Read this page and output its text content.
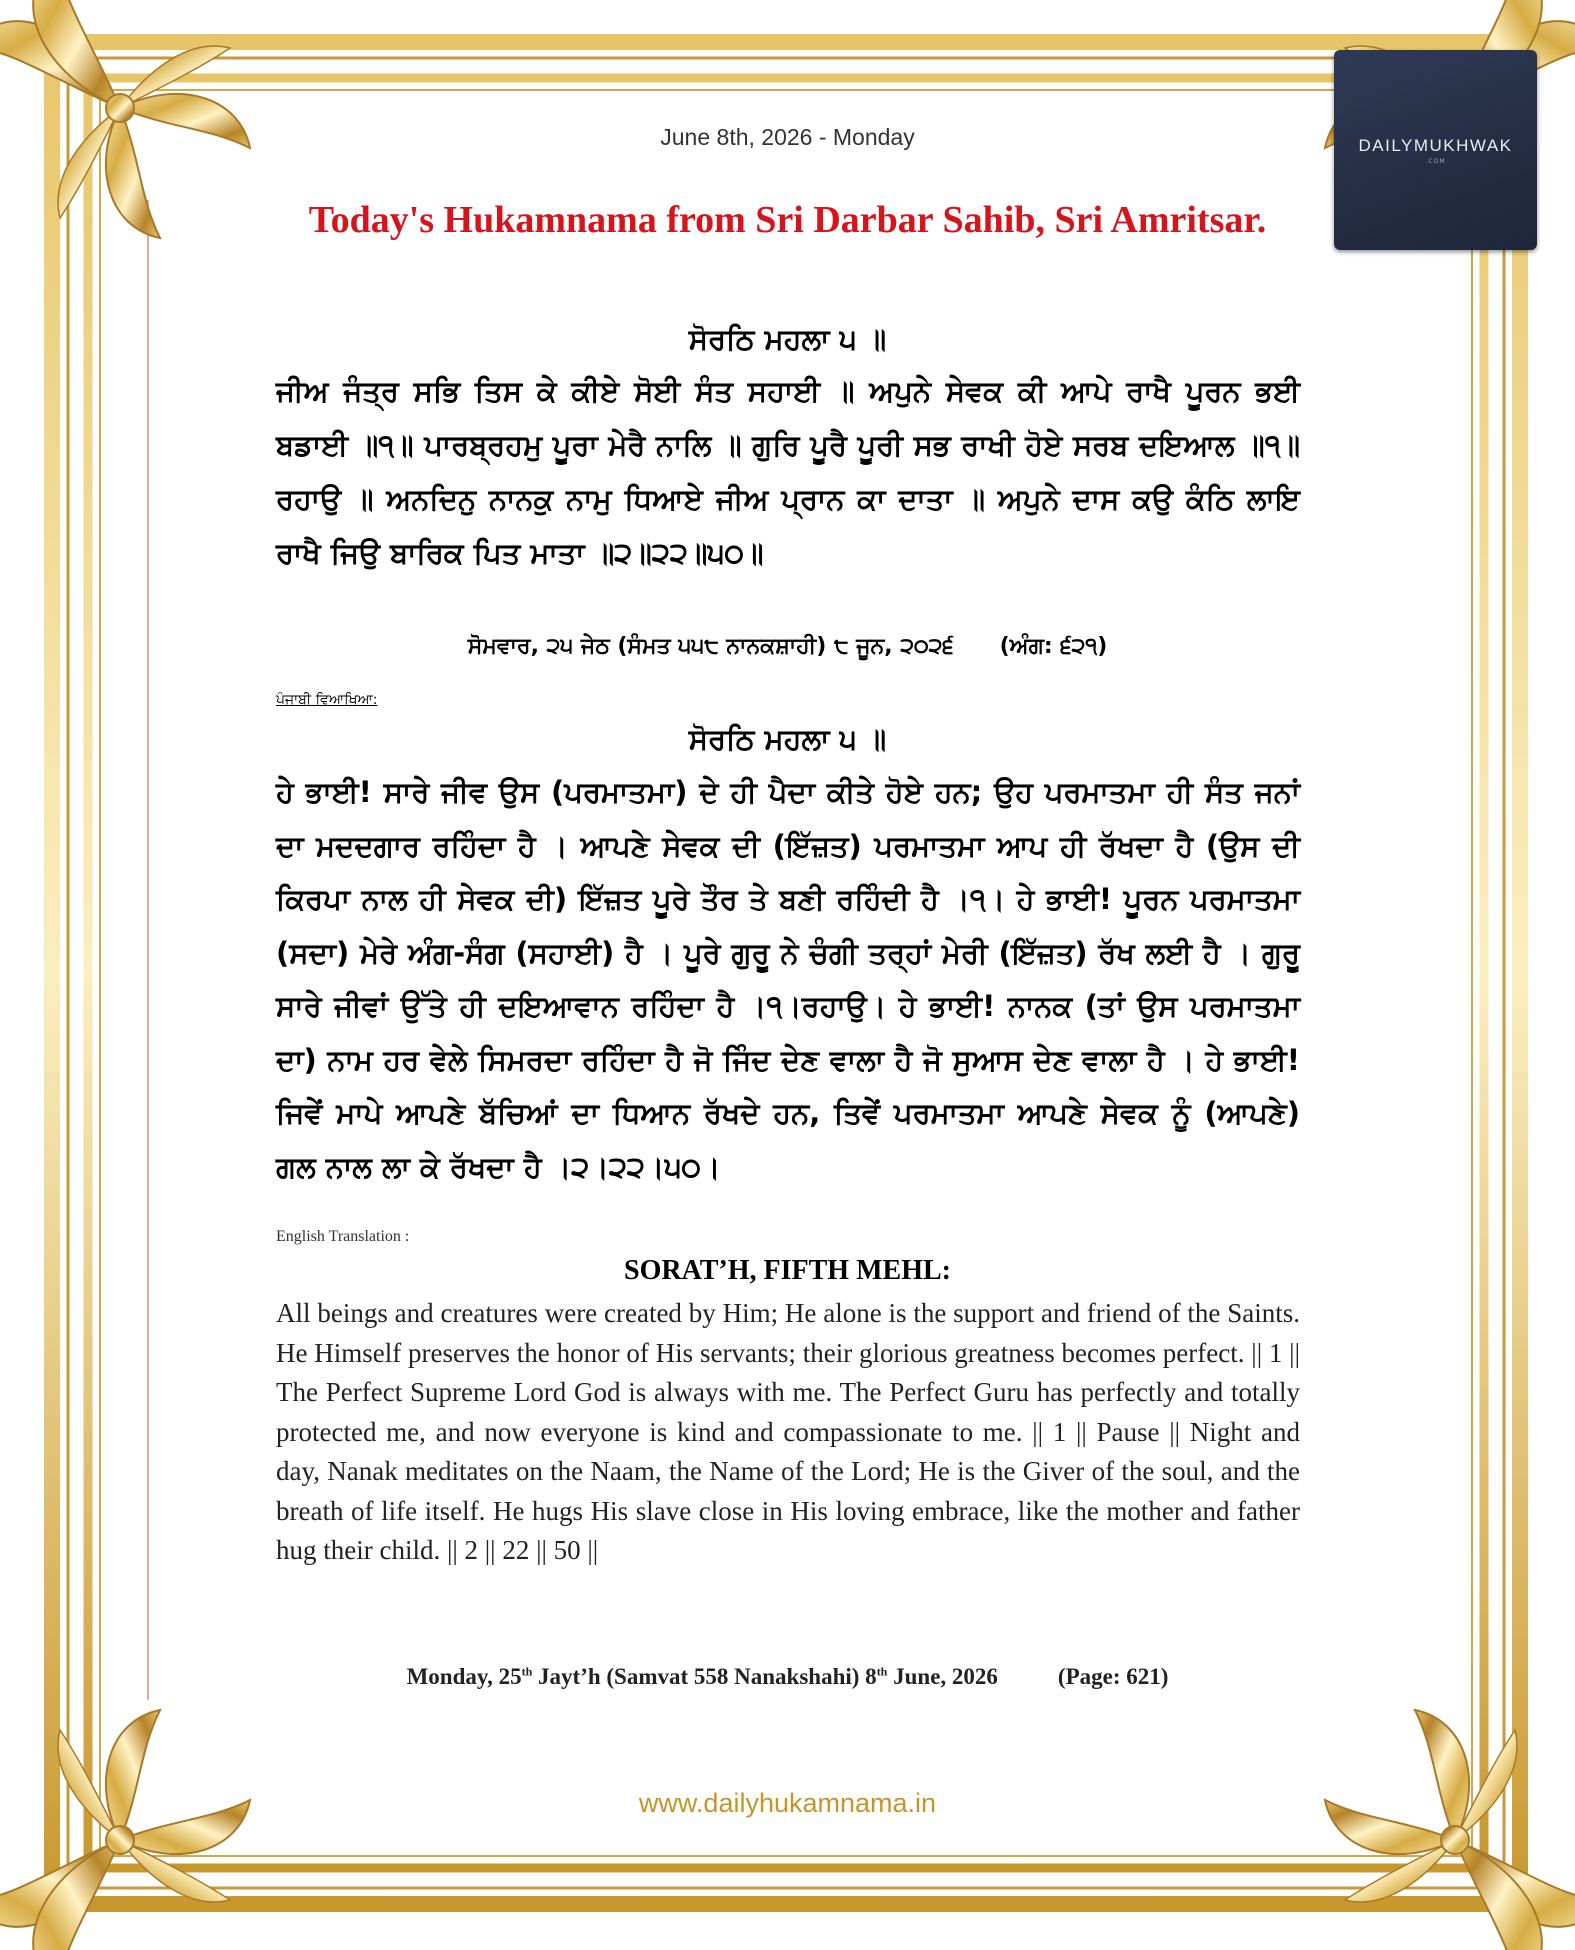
DAILYMUKHWAK
.COM
June 8th, 2026 - Monday
Today's Hukamnama from Sri Darbar Sahib, Sri Amritsar.
ਸੋਰਠਿ ਮਹਲਾ ੫ ॥
ਜੀਅ ਜੰਤ੍ਰ ਸਭਿ ਤਿਸ ਕੇ ਕੀਏ ਸੋਈ ਸੰਤ ਸਹਾਈ ॥ ਅਪੁਨੇ ਸੇਵਕ ਕੀ ਆਪੇ ਰਾਖੈ ਪੂਰਨ ਭਈ ਬਡਾਈ ॥੧॥ ਪਾਰਬ੍ਰਹਮੁ ਪੂਰਾ ਮੇਰੈ ਨਾਲਿ ॥ ਗੁਰਿ ਪੂਰੈ ਪੂਰੀ ਸਭ ਰਾਖੀ ਹੋਏ ਸਰਬ ਦਇਆਲ ॥੧॥ ਰਹਾਉ ॥ ਅਨਦਿਨੁ ਨਾਨਕੁ ਨਾਮੁ ਧਿਆਏ ਜੀਅ ਪ੍ਰਾਨ ਕਾ ਦਾਤਾ ॥ ਅਪੁਨੇ ਦਾਸ ਕਉ ਕੰਠਿ ਲਾਇ ਰਾਖੈ ਜਿਉ ਬਾਰਿਕ ਪਿਤ ਮਾਤਾ ॥੨॥੨੨॥੫੦॥
ਸੋਮਵਾਰ, ੨੫ ਜੇਠ (ਸੰਮਤ ੫੫੮ ਨਾਨਕਸ਼ਾਹੀ) ੮ ਜੂਨ, ੨੦੨੬      (ਅੰਗ: ੬੨੧)
ਪੰਜਾਬੀ ਵਿਆਖਿਆ:
ਸੋਰਠਿ ਮਹਲਾ ੫ ॥
ਹੇ ਭਾਈ! ਸਾਰੇ ਜੀਵ ਉਸ (ਪਰਮਾਤਮਾ) ਦੇ ਹੀ ਪੈਦਾ ਕੀਤੇ ਹੋਏ ਹਨ; ਉਹ ਪਰਮਾਤਮਾ ਹੀ ਸੰਤ ਜਨਾਂ ਦਾ ਮਦਦਗਾਰ ਰਹਿੰਦਾ ਹੈ । ਆਪਣੇ ਸੇਵਕ ਦੀ (ਇੱਜ਼ਤ) ਪਰਮਾਤਮਾ ਆਪ ਹੀ ਰੱਖਦਾ ਹੈ (ਉਸ ਦੀ ਕਿਰਪਾ ਨਾਲ ਹੀ ਸੇਵਕ ਦੀ) ਇੱਜ਼ਤ ਪੂਰੇ ਤੌਰ ਤੇ ਬਣੀ ਰਹਿੰਦੀ ਹੈ ।੧। ਹੇ ਭਾਈ! ਪੂਰਨ ਪਰਮਾਤਮਾ (ਸਦਾ) ਮੇਰੇ ਅੰਗ-ਸੰਗ (ਸਹਾਈ) ਹੈ । ਪੂਰੇ ਗੁਰੂ ਨੇ ਚੰਗੀ ਤਰ੍ਹਾਂ ਮੇਰੀ (ਇੱਜ਼ਤ) ਰੱਖ ਲਈ ਹੈ । ਗੁਰੂ ਸਾਰੇ ਜੀਵਾਂ ਉੱਤੇ ਹੀ ਦਇਆਵਾਨ ਰਹਿੰਦਾ ਹੈ ।੧।ਰਹਾਉ। ਹੇ ਭਾਈ! ਨਾਨਕ (ਤਾਂ ਉਸ ਪਰਮਾਤਮਾ ਦਾ) ਨਾਮ ਹਰ ਵੇਲੇ ਸਿਮਰਦਾ ਰਹਿੰਦਾ ਹੈ ਜੋ ਜਿੰਦ ਦੇਣ ਵਾਲਾ ਹੈ ਜੋ ਸੁਆਸ ਦੇਣ ਵਾਲਾ ਹੈ । ਹੇ ਭਾਈ! ਜਿਵੇਂ ਮਾਪੇ ਆਪਣੇ ਬੱਚਿਆਂ ਦਾ ਧਿਆਨ ਰੱਖਦੇ ਹਨ, ਤਿਵੇਂ ਪਰਮਾਤਮਾ ਆਪਣੇ ਸੇਵਕ ਨੂੰ (ਆਪਣੇ) ਗਲ ਨਾਲ ਲਾ ਕੇ ਰੱਖਦਾ ਹੈ ।੨।੨੨।੫੦।
English Translation :
SORAT’H, FIFTH MEHL:
All beings and creatures were created by Him; He alone is the support and friend of the Saints. He Himself preserves the honor of His servants; their glorious greatness becomes perfect. || 1 || The Perfect Supreme Lord God is always with me. The Perfect Guru has perfectly and totally protected me, and now everyone is kind and compassionate to me. || 1 || Pause || Night and day, Nanak meditates on the Naam, the Name of the Lord; He is the Giver of the soul, and the breath of life itself. He hugs His slave close in His loving embrace, like the mother and father hug their child. || 2 || 22 || 50 ||
Monday, 25th Jayt’h (Samvat 558 Nanakshahi) 8th June, 2026	(Page: 621)
www.dailyhukamnama.in
